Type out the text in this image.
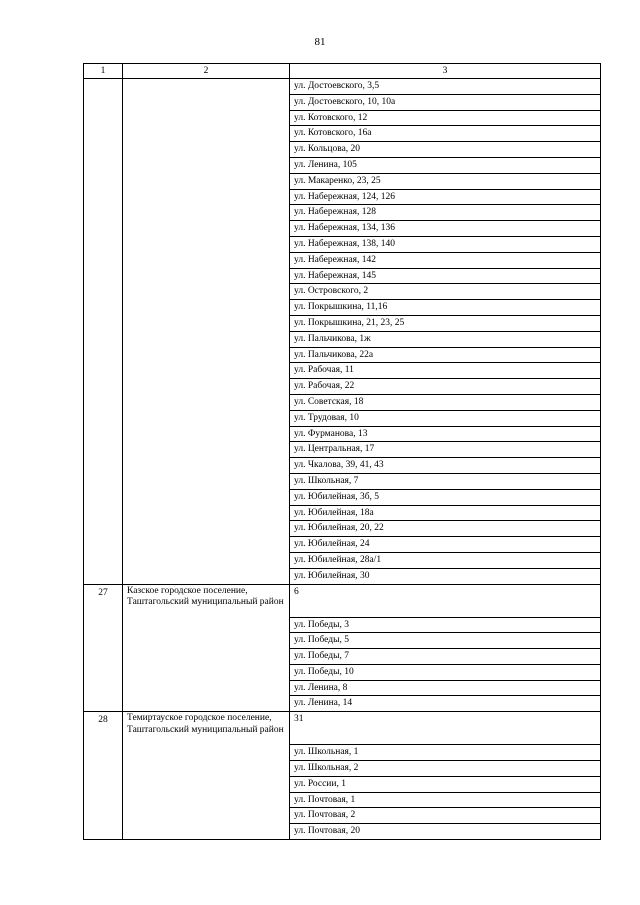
81
1	2	3
		ул. Достоевского, 3,5
		ул. Достоевского, 10, 10а
		ул. Котовского, 12
		ул. Котовского, 16а
		ул. Кольцова, 20
		ул. Ленина, 105
		ул. Макаренко, 23, 25
		ул. Набережная, 124, 126
		ул. Набережная, 128
		ул. Набережная, 134, 136
		ул. Набережная, 138, 140
		ул. Набережная, 142
		ул. Набережная, 145
		ул. Островского, 2
		ул. Покрышкина, 11,16
		ул. Покрышкина, 21, 23, 25
		ул. Пальчикова, 1ж
		ул. Пальчикова, 22а
		ул. Рабочая, 11
		ул. Рабочая, 22
		ул. Советская, 18
		ул. Трудовая, 10
		ул. Фурманова, 13
		ул. Центральная, 17
		ул. Чкалова, 39, 41, 43
		ул. Школьная, 7
		ул. Юбилейная, 3б, 5
		ул. Юбилейная, 18а
		ул. Юбилейная, 20, 22
		ул. Юбилейная, 24
		ул. Юбилейная, 28а/1
		ул. Юбилейная, 30
27	Казское городское поселение, Таштагольский муниципальный район	6
		ул. Победы, 3
		ул. Победы, 5
		ул. Победы, 7
		ул. Победы, 10
		ул. Ленина, 8
		ул. Ленина, 14
28	Темиртауское городское поселение, Таштагольский муниципальный район	31
		ул. Школьная, 1
		ул. Школьная, 2
		ул. России, 1
		ул. Почтовая, 1
		ул. Почтовая, 2
		ул. Почтовая, 20
